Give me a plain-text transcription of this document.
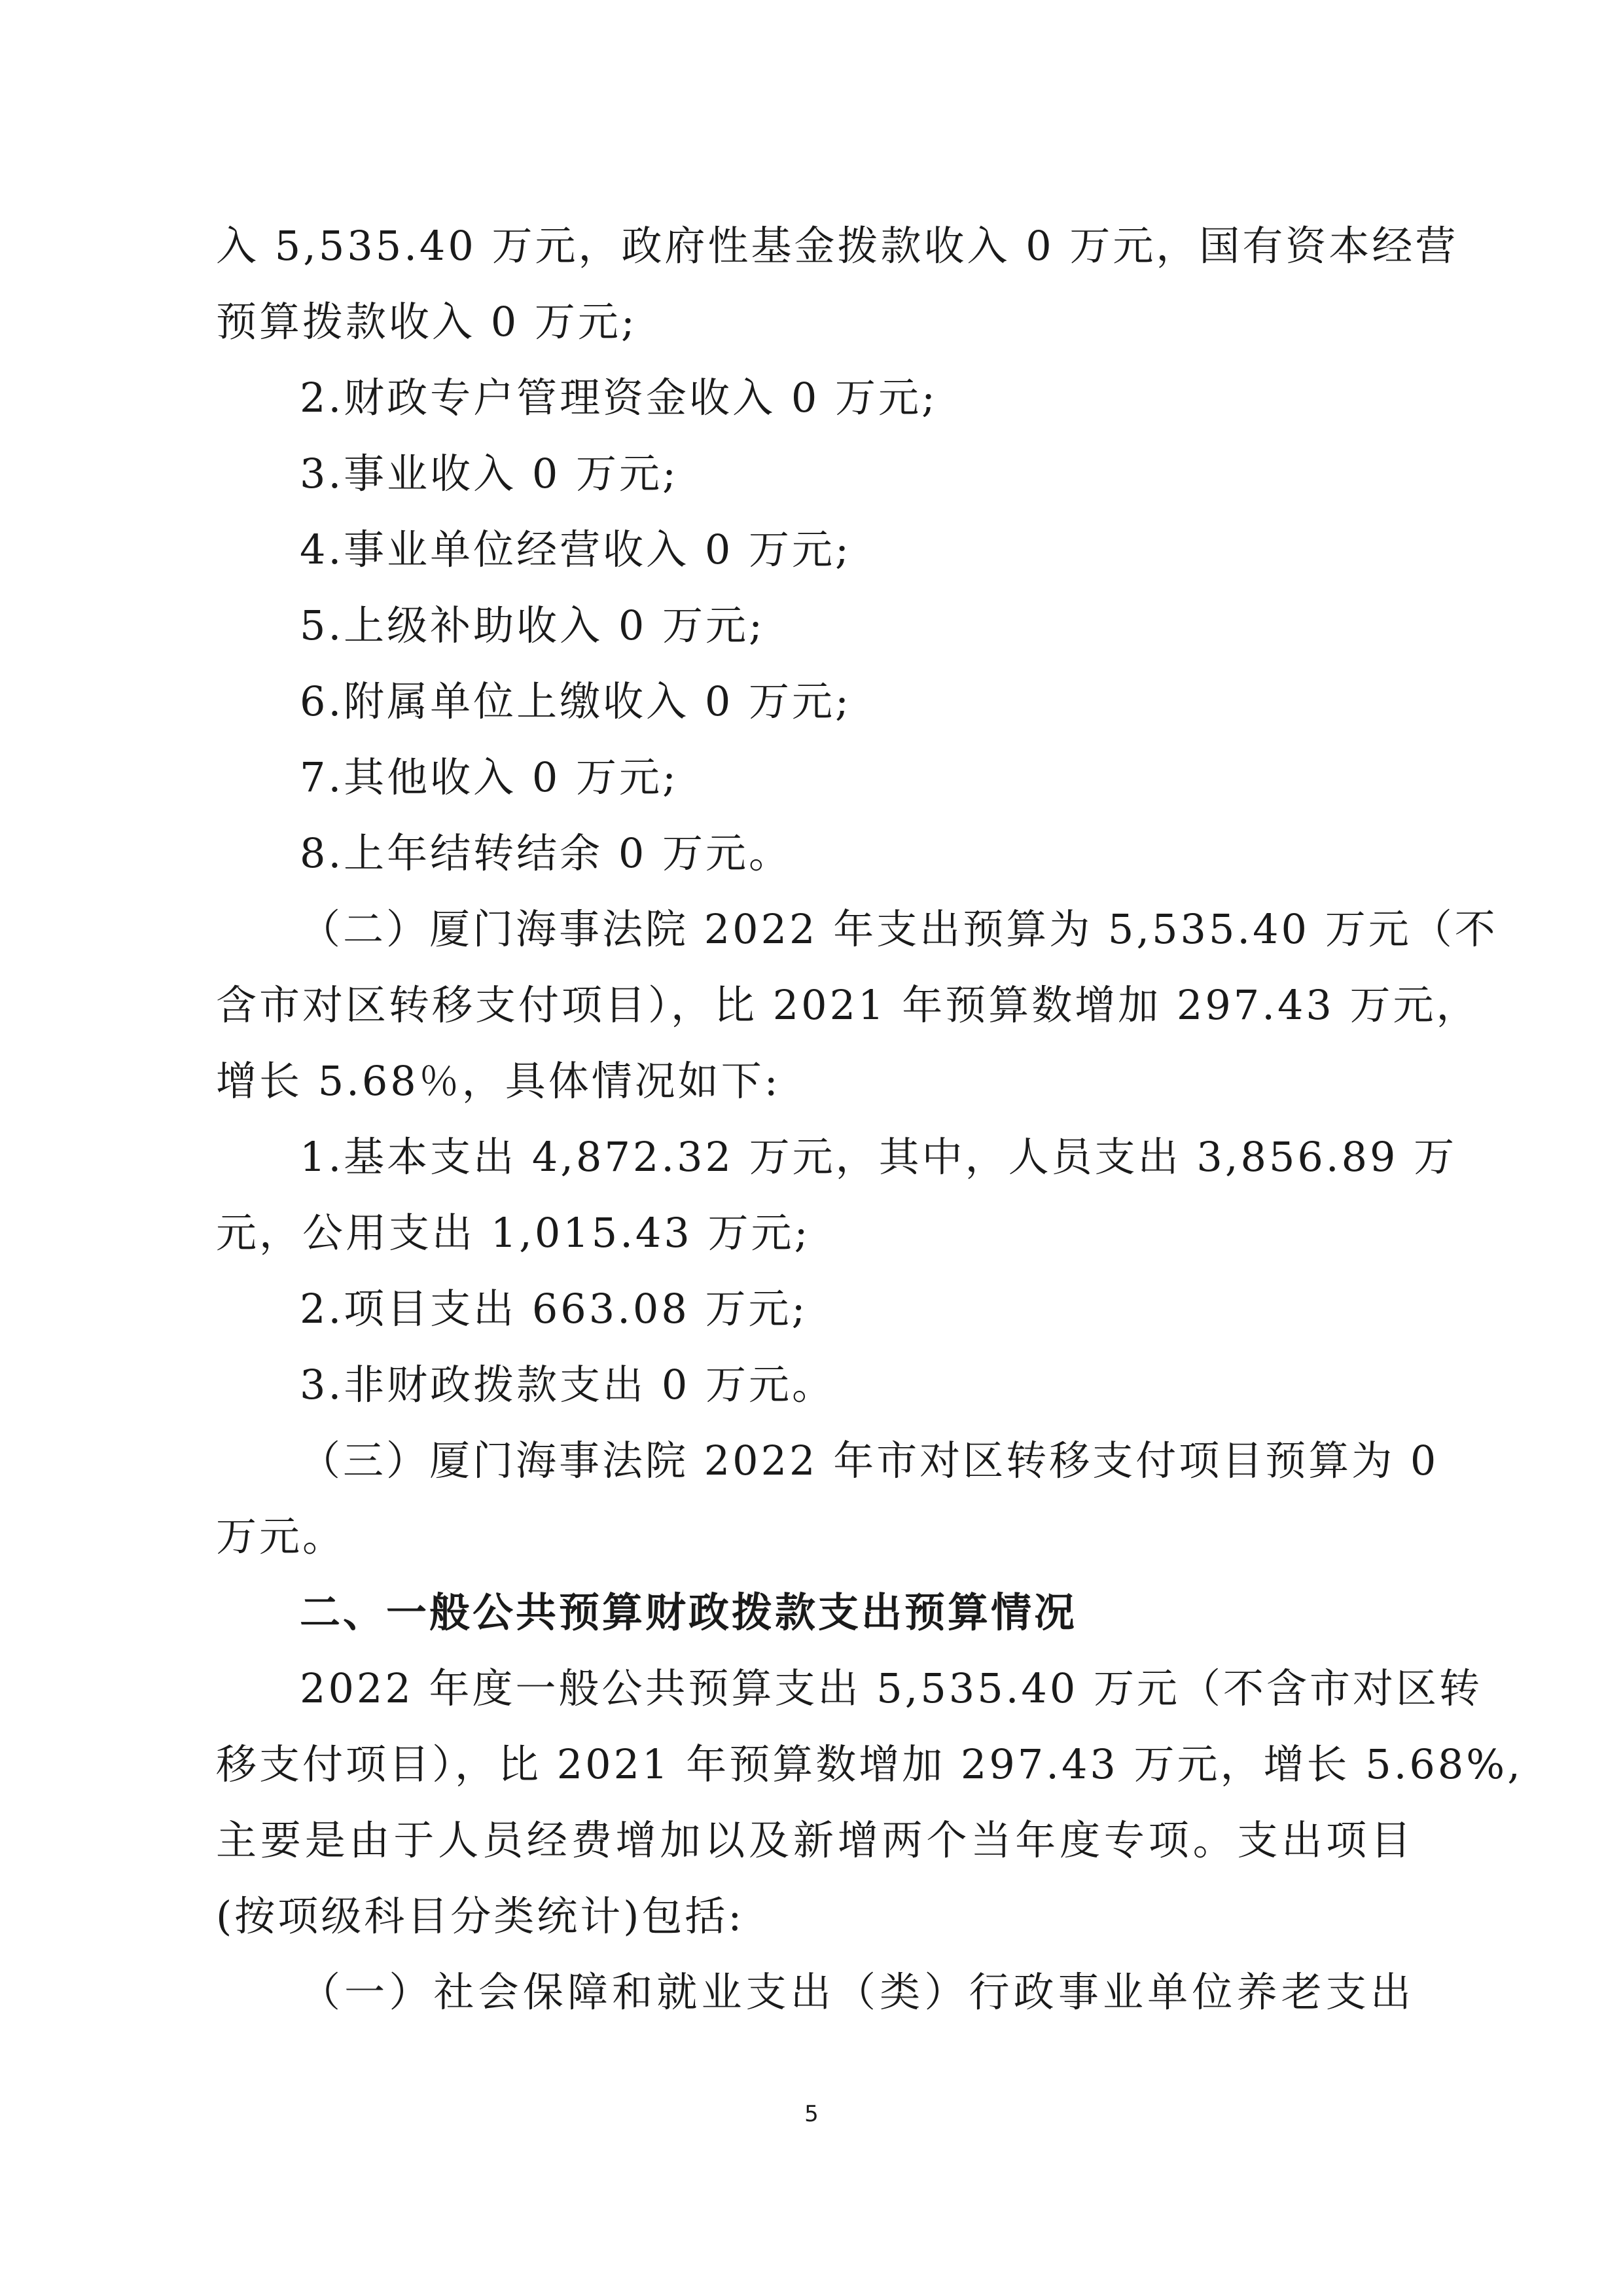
入 5,535.40 万元，政府性基金拨款收入 0 万元，国有资本经营
预算拨款收入 0 万元;
2.财政专户管理资金收入 0 万元;
3.事业收入 0 万元;
4.事业单位经营收入 0 万元;
5.上级补助收入 0 万元;
6.附属单位上缴收入 0 万元;
7.其他收入 0 万元;
8.上年结转结余 0 万元。
（二）厦门海事法院 2022 年支出预算为 5,535.40 万元（不
含市对区转移支付项目），比 2021 年预算数增加 297.43 万元，
增长 5.68％，具体情况如下:
1.基本支出 4,872.32 万元，其中，人员支出 3,856.89 万
元，公用支出 1,015.43 万元;
2.项目支出 663.08 万元;
3.非财政拨款支出 0 万元。
（三）厦门海事法院 2022 年市对区转移支付项目预算为 0
万元。
二、一般公共预算财政拨款支出预算情况
2022 年度一般公共预算支出 5,535.40 万元（不含市对区转
移支付项目），比 2021 年预算数增加 297.43 万元，增长 5.68%,
主要是由于人员经费增加以及新增两个当年度专项。支出项目
(按项级科目分类统计)包括:
（一）社会保障和就业支出（类）行政事业单位养老支出
5
